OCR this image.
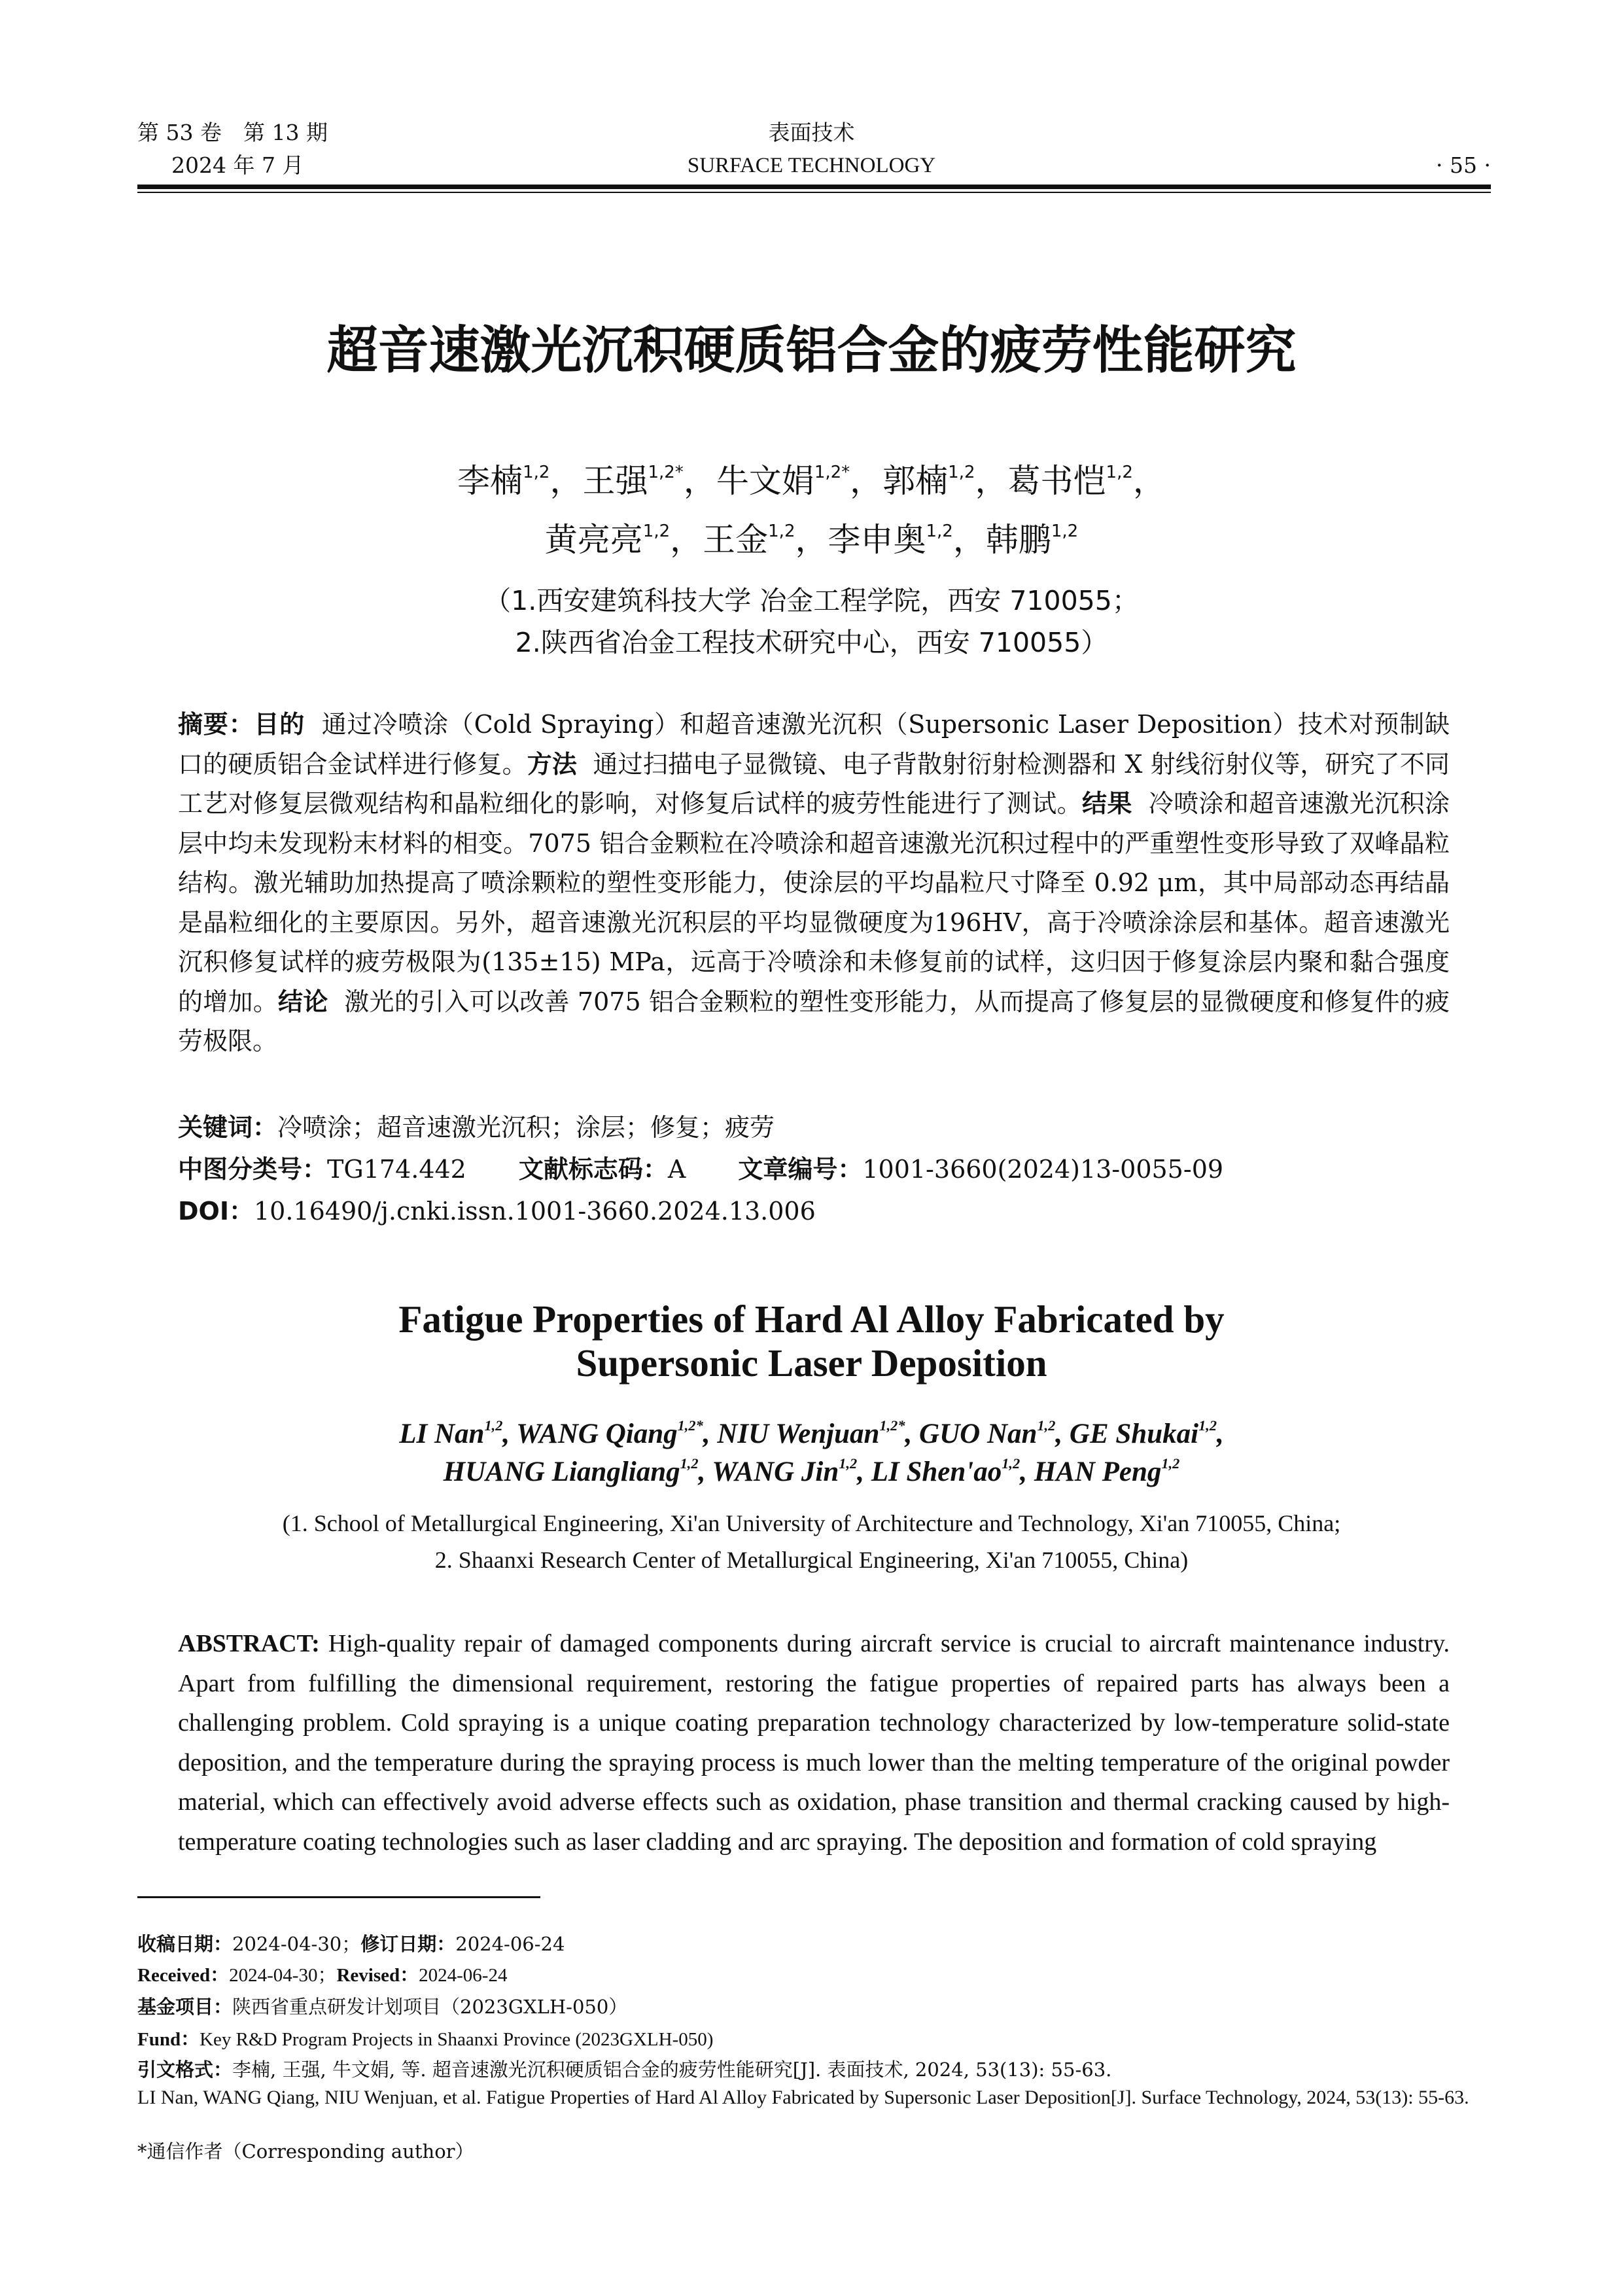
第 53 卷　第 13 期
2024 年 7 月
表面技术
SURFACE TECHNOLOGY	· 55 ·
超音速激光沉积硬质铝合金的疲劳性能研究
李楠$^{1,2}$，王强$^{1,2*}$，牛文娟$^{1,2*}$，郭楠$^{1,2}$，葛书恺$^{1,2}$，
黄亮亮$^{1,2}$，王金$^{1,2}$，李申奥$^{1,2}$，韩鹏$^{1,2}$
（1.西安建筑科技大学 冶金工程学院，西安 710055；
2.陕西省冶金工程技术研究中心，西安 710055）
摘要：目的 通过冷喷涂（Cold Spraying）和超音速激光沉积（Supersonic Laser Deposition）技术对预制缺口的硬质铝合金试样进行修复。方法 通过扫描电子显微镜、电子背散射衍射检测器和 X 射线衍射仪等，研究了不同工艺对修复层微观结构和晶粒细化的影响，对修复后试样的疲劳性能进行了测试。结果 冷喷涂和超音速激光沉积涂层中均未发现粉末材料的相变。7075 铝合金颗粒在冷喷涂和超音速激光沉积过程中的严重塑性变形导致了双峰晶粒结构。激光辅助加热提高了喷涂颗粒的塑性变形能力，使涂层的平均晶粒尺寸降至 0.92 μm，其中局部动态再结晶是晶粒细化的主要原因。另外，超音速激光沉积层的平均显微硬度为196HV，高于冷喷涂涂层和基体。超音速激光沉积修复试样的疲劳极限为(135±15) MPa，远高于冷喷涂和未修复前的试样，这归因于修复涂层内聚和黏合强度的增加。结论 激光的引入可以改善 7075 铝合金颗粒的塑性变形能力，从而提高了修复层的显微硬度和修复件的疲劳极限。
关键词：冷喷涂；超音速激光沉积；涂层；修复；疲劳
中图分类号：TG174.442 文献标志码：A 文章编号：1001-3660(2024)13-0055-09
DOI：10.16490/j.cnki.issn.1001-3660.2024.13.006
Fatigue Properties of Hard Al Alloy Fabricated by
Supersonic Laser Deposition
LI Nan$^{1,2}$, WANG Qiang$^{1,2*}$, NIU Wenjuan$^{1,2*}$, GUO Nan$^{1,2}$, GE Shukai$^{1,2}$,
HUANG Liangliang$^{1,2}$, WANG Jin$^{1,2}$, LI Shen'ao$^{1,2}$, HAN Peng$^{1,2}$
(1. School of Metallurgical Engineering, Xi'an University of Architecture and Technology, Xi'an 710055, China;
2. Shaanxi Research Center of Metallurgical Engineering, Xi'an 710055, China)
ABSTRACT: High-quality repair of damaged components during aircraft service is crucial to aircraft maintenance industry. Apart from fulfilling the dimensional requirement, restoring the fatigue properties of repaired parts has always been a challenging problem. Cold spraying is a unique coating preparation technology characterized by low-temperature solid-state deposition, and the temperature during the spraying process is much lower than the melting temperature of the original powder material, which can effectively avoid adverse effects such as oxidation, phase transition and thermal cracking caused by high-temperature coating technologies such as laser cladding and arc spraying. The deposition and formation of cold spraying
收稿日期：2024-04-30；修订日期：2024-06-24
Received：2024-04-30；Revised：2024-06-24
基金项目：陕西省重点研发计划项目（2023GXLH-050）
Fund：Key R&D Program Projects in Shaanxi Province (2023GXLH-050)
引文格式：李楠, 王强, 牛文娟, 等. 超音速激光沉积硬质铝合金的疲劳性能研究[J]. 表面技术, 2024, 53(13): 55-63.
LI Nan, WANG Qiang, NIU Wenjuan, et al. Fatigue Properties of Hard Al Alloy Fabricated by Supersonic Laser Deposition[J]. Surface Technology, 2024, 53(13): 55-63.
*通信作者（Corresponding author）
